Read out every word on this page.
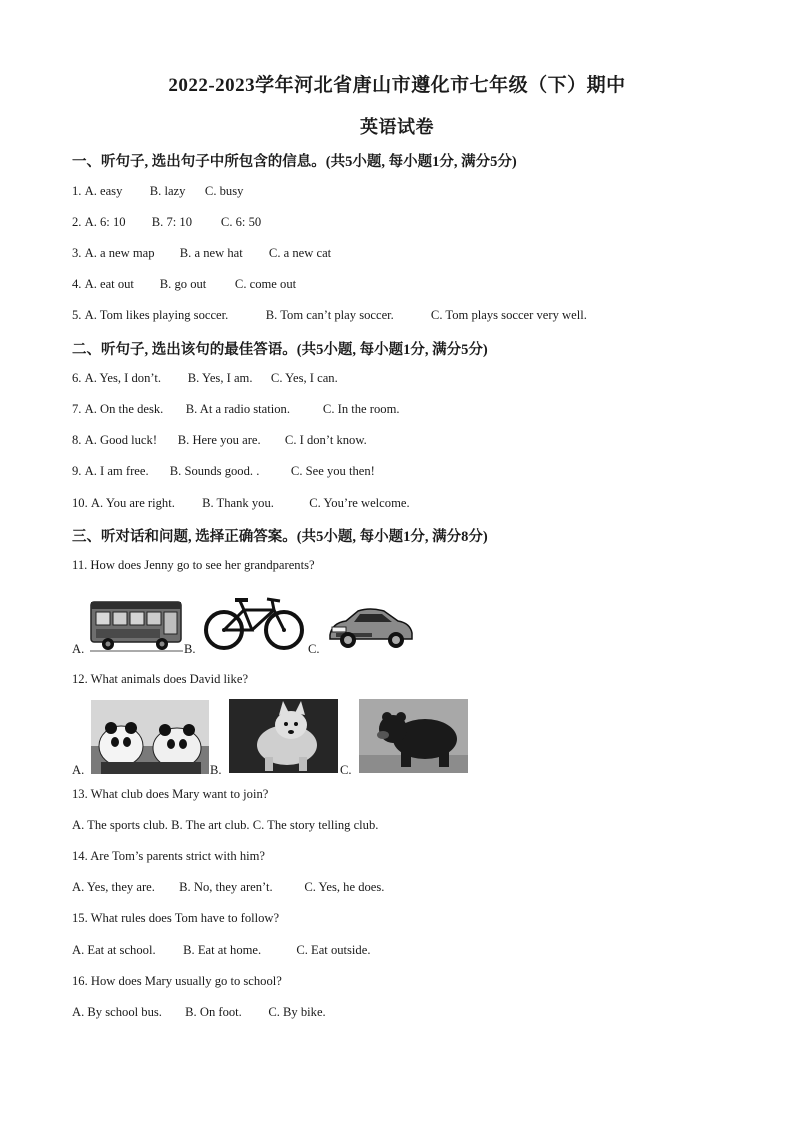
2022-2023学年河北省唐山市遵化市七年级（下）期中
英语试卷
一、听句子, 选出句子中所包含的信息。(共5小题, 每小题1分, 满分5分)
1. A. easy B. lazy C. busy
2. A. 6: 10 B. 7: 10 C. 6: 50
3. A. a new map B. a new hat C. a new cat
4. A. eat out B. go out C. come out
5. A. Tom likes playing soccer.	B. Tom can’t play soccer.	C. Tom plays soccer very well.
二、听句子, 选出该句的最佳答语。(共5小题, 每小题1分, 满分5分)
6. A. Yes, I don’t. B. Yes, I am. C. Yes, I can.
7. A. On the desk. B. At a radio station.	C. In the room.
8. A. Good luck! B. Here you are. C. I don’t know.
9. A. I am free. B. Sounds good. .	C. See you then!
10. A. You are right. B. Thank you.	C. You’re welcome.
三、听对话和问题, 选择正确答案。(共5小题, 每小题1分, 满分8分)
11. How does Jenny go to see her grandparents?
A.	B.	C.
12. What animals does David like?
A.	B.	C.
13. What club does Mary want to join?
A. The sports club. B. The art club. C. The story telling club.
14. Are Tom’s parents strict with him?
A. Yes, they are. B. No, they aren’t.	C. Yes, he does.
15. What rules does Tom have to follow?
A. Eat at school. B. Eat at home.	C. Eat outside.
16. How does Mary usually go to school?
A. By school bus. B. On foot. C. By bike.
